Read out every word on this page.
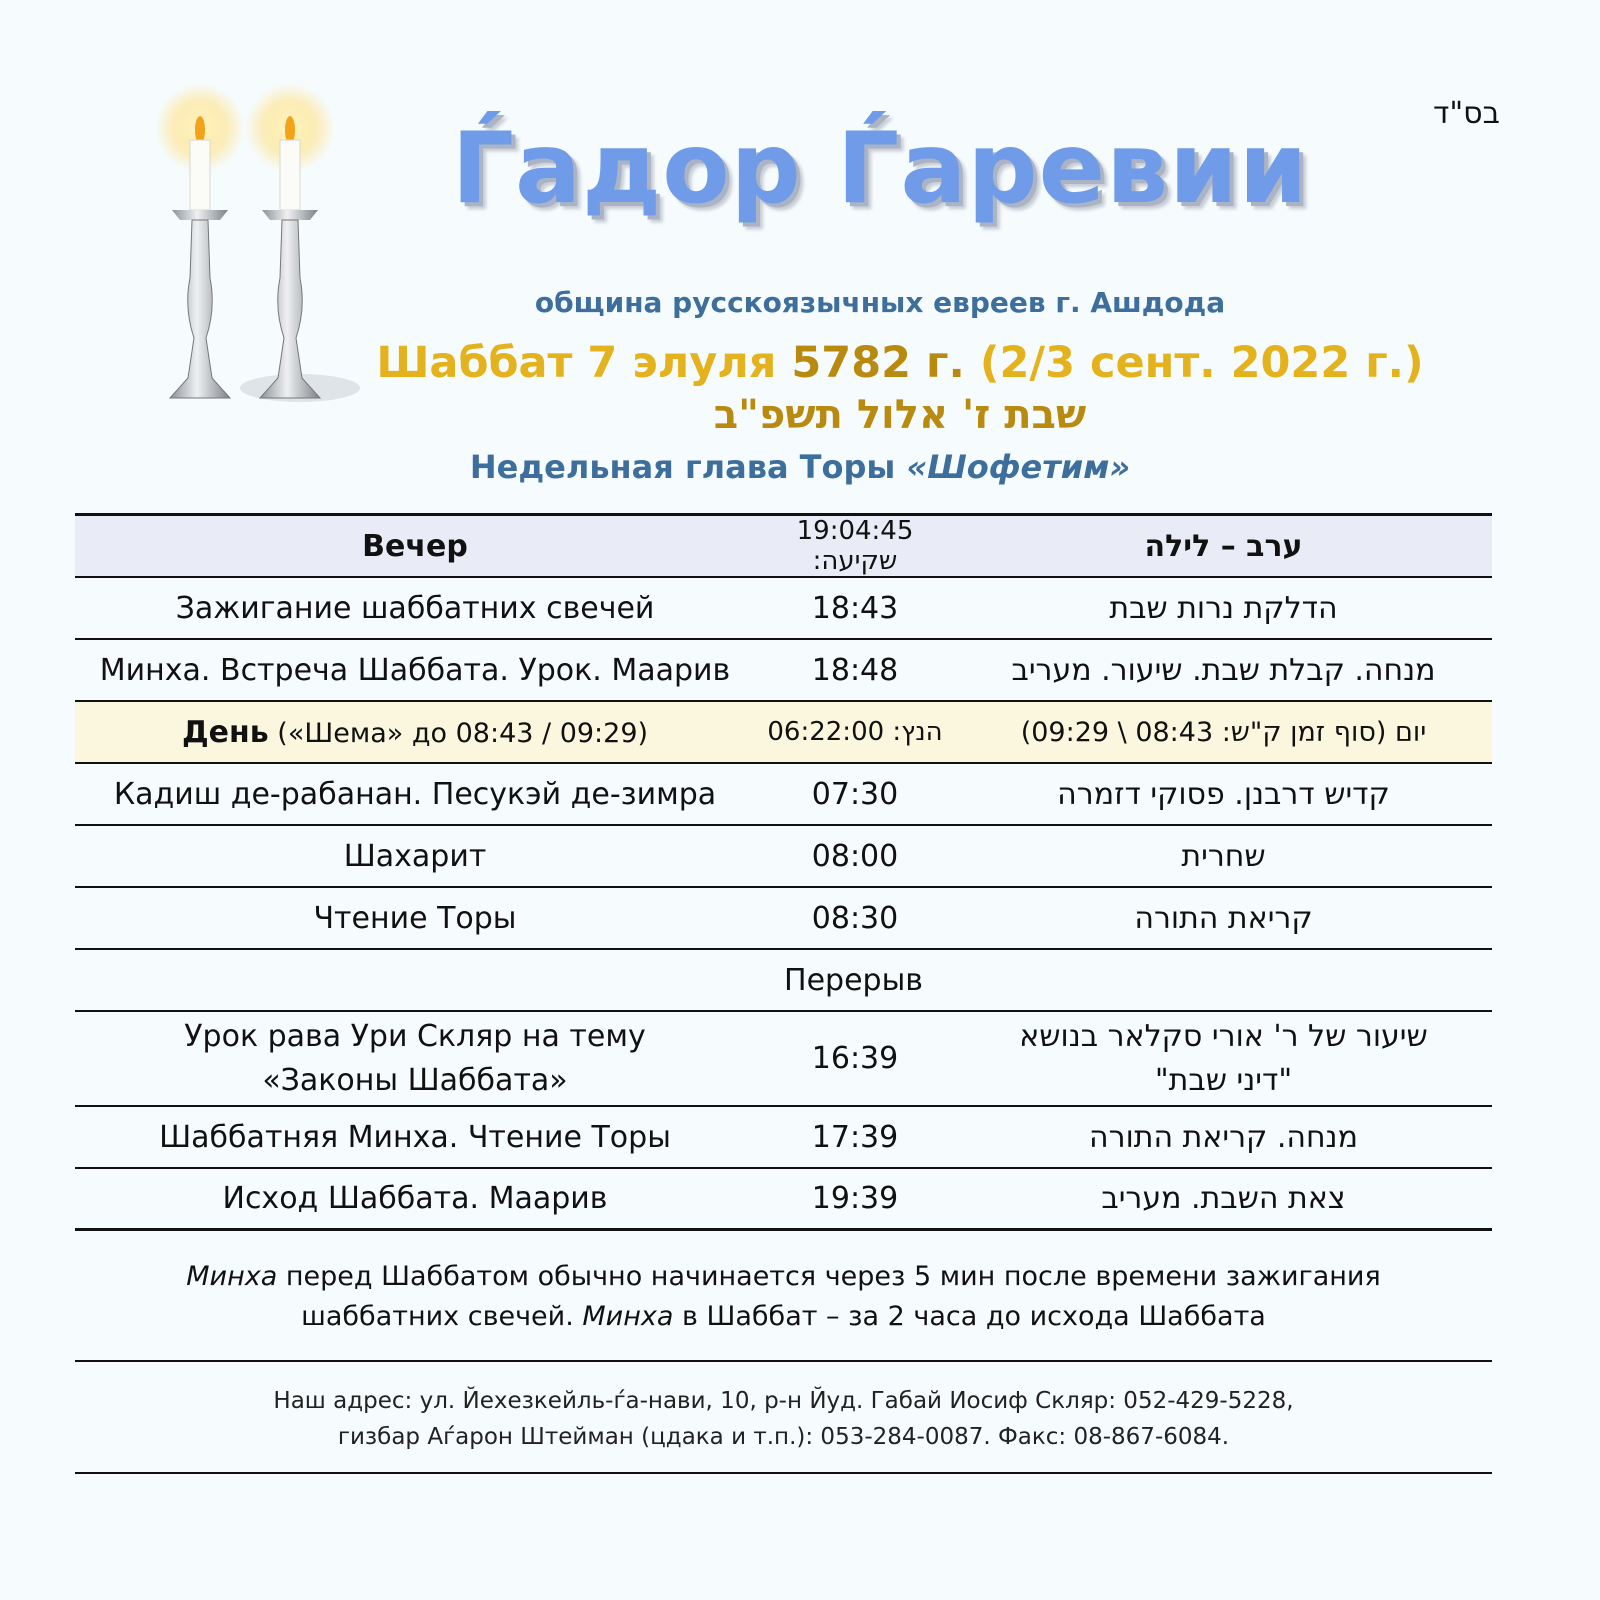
בס"ד
Ѓадор Ѓаревии
община русскоязычных евреев г. Ашдода
Шаббат 7 элуля 5782 г. (2/3 сент. 2022 г.)
שבת ז' אלול תשפ"ב
Недельная глава Торы «Шофетим»
Вечер	19:04:45 :שקיעה	ערב – לילה
Зажигание шаббатних свечей	18:43	הדלקת נרות שבת
Минха. Встреча Шаббата. Урок. Маарив	18:48	מנחה. קבלת שבת. שיעור. מעריב
День («Шема» до 08:43 / 09:29)	06:22:00 :הנץ	יום (סוף זמן ק"ש: 08:43 \ 09:29)
Кадиш де-рабанан. Песукэй де-зимра	07:30	קדיש דרבנן. פסוקי דזמרה
Шахарит	08:00	שחרית
Чтение Торы	08:30	קריאת התורה
Перерыв
Урок рава Ури Скляр на тему
«Законы Шаббата»
16:39
שיעור של ר' אורי סקלאר בנושא
"דיני שבת"
Шаббатняя Минха. Чтение Торы	17:39	מנחה. קריאת התורה
Исход Шаббата. Маарив	19:39	צאת השבת. מעריב
Минха перед Шаббатом обычно начинается через 5 мин после времени зажигания
шаббатних свечей. Минха в Шаббат – за 2 часа до исхода Шаббата
Наш адрес: ул. Йехезкейль-ѓа-нави, 10, р-н Йуд. Габай Иосиф Скляр: 052-429-5228,
гизбар Аѓарон Штейман (цдака и т.п.): 053-284-0087. Факс: 08-867-6084.
